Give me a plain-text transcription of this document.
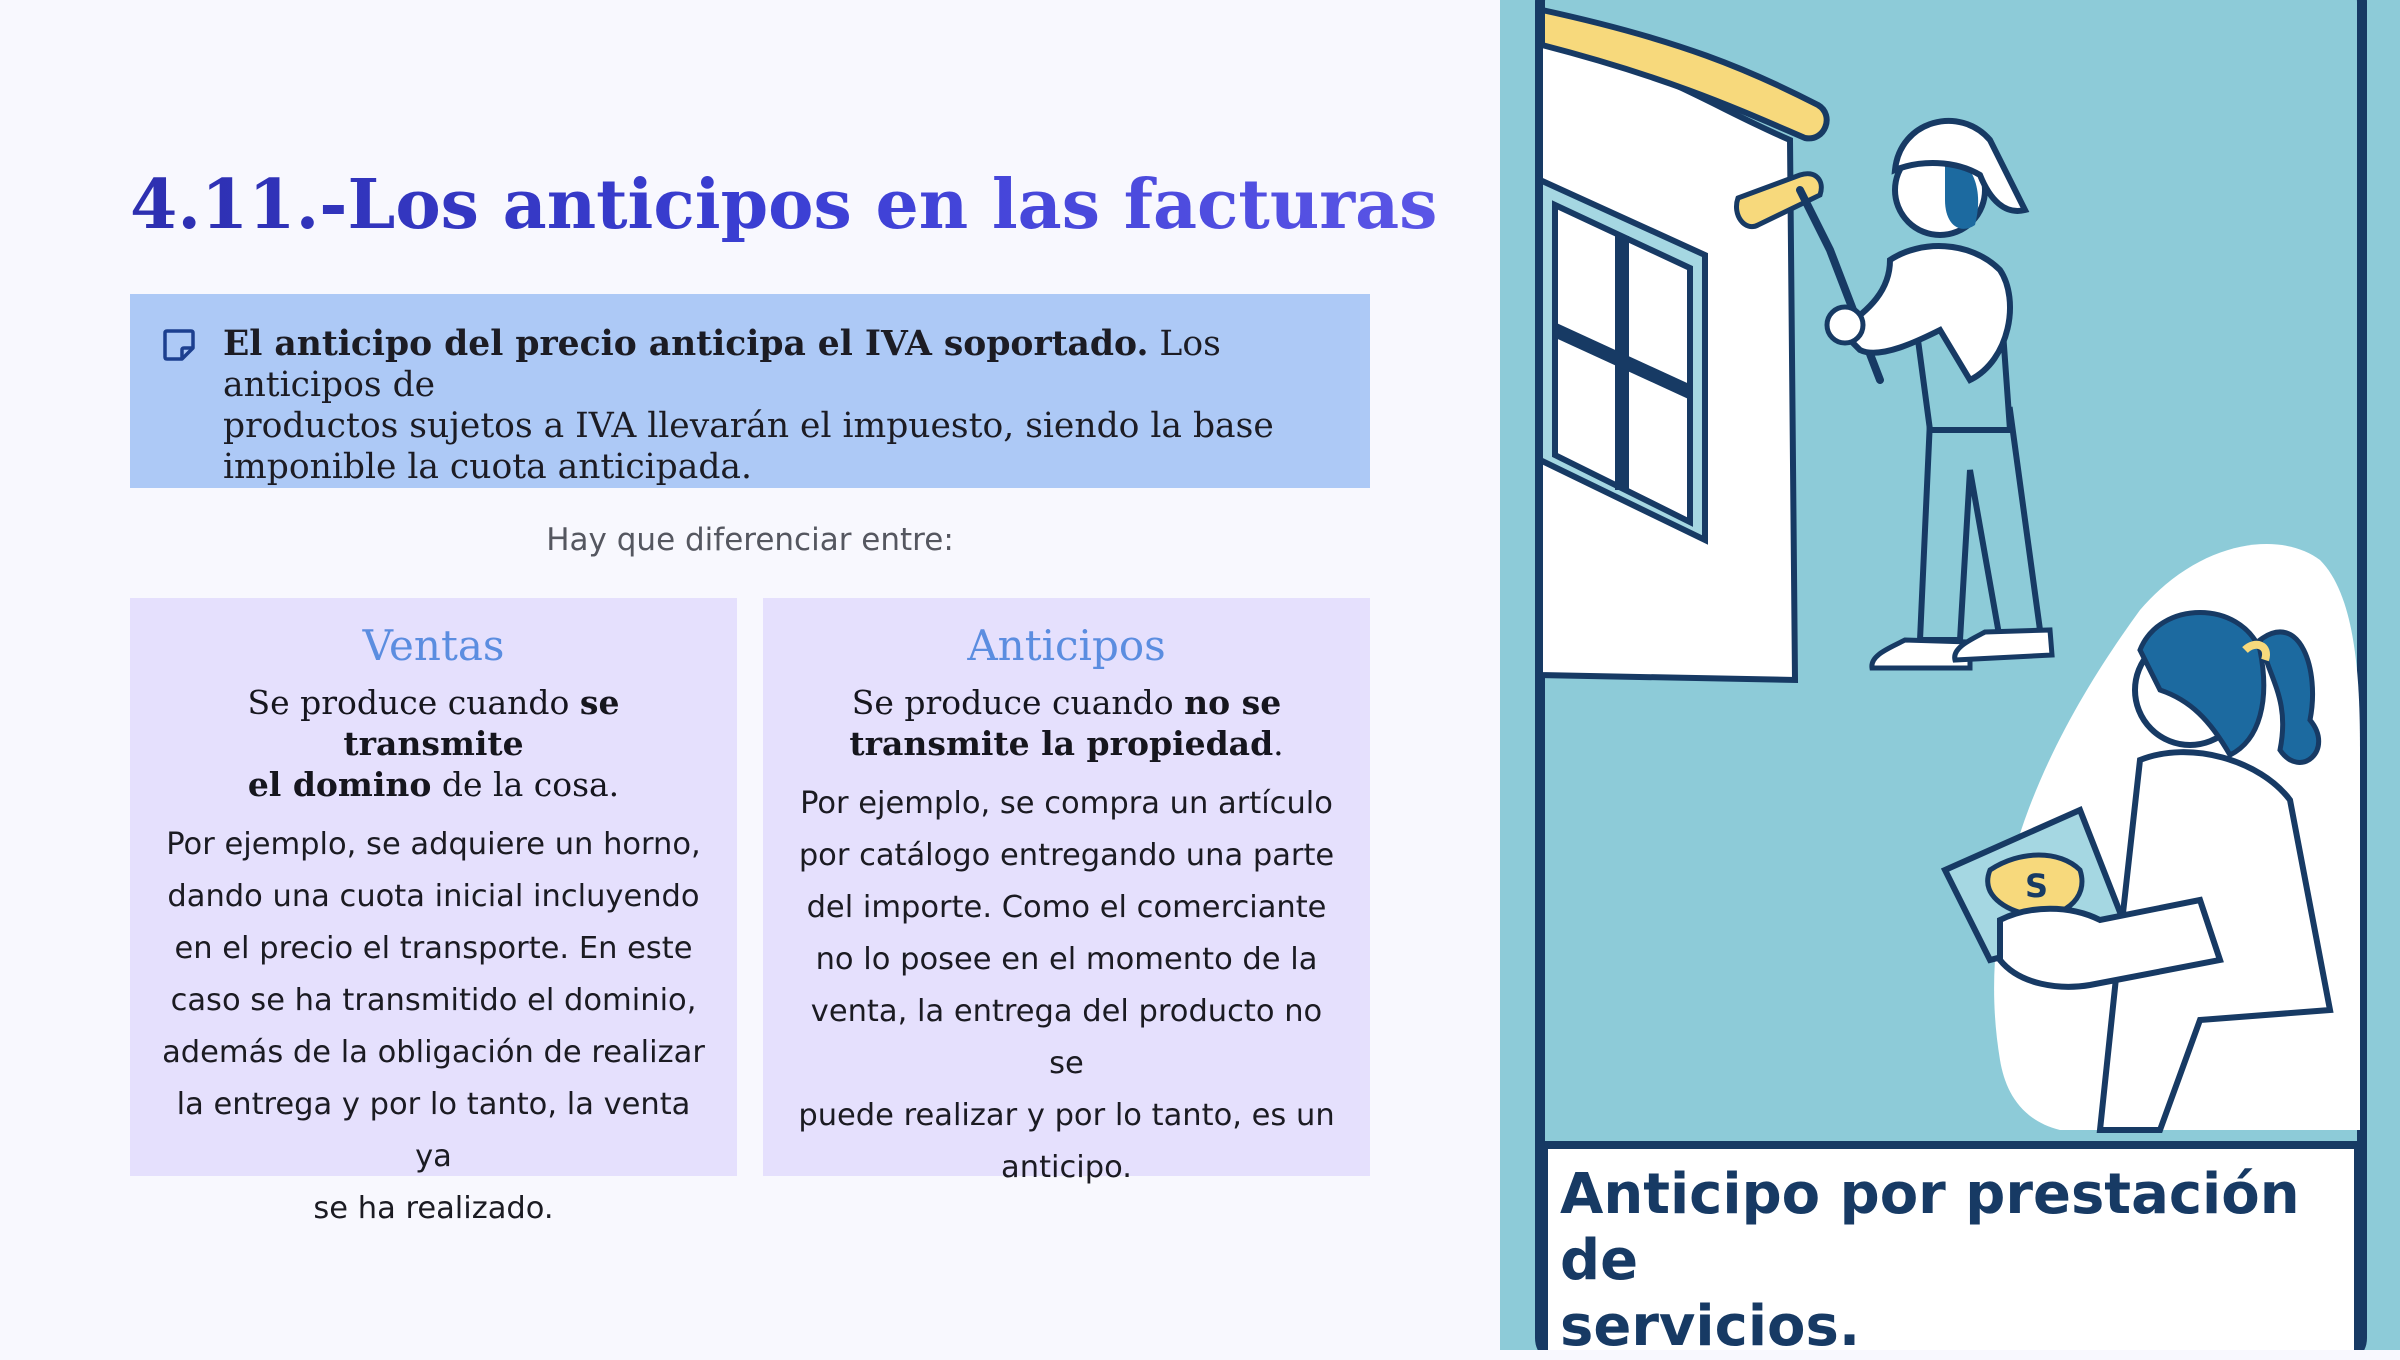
4.11.-Los anticipos en las facturas
El anticipo del precio anticipa el IVA soportado. Los anticipos de
productos sujetos a IVA llevarán el impuesto, siendo la base
imponible la cuota anticipada.
Hay que diferenciar entre:
Ventas
Se produce cuando se transmite
el domino de la cosa.
Por ejemplo, se adquiere un horno,
dando una cuota inicial incluyendo
en el precio el transporte. En este
caso se ha transmitido el dominio,
además de la obligación de realizar
la entrega y por lo tanto, la venta ya
se ha realizado.
Anticipos
Se produce cuando no se
transmite la propiedad.
Por ejemplo, se compra un artículo
por catálogo entregando una parte
del importe. Como el comerciante
no lo posee en el momento de la
venta, la entrega del producto no se
puede realizar y por lo tanto, es un
anticipo.
S
Anticipo por prestación de
servicios.
